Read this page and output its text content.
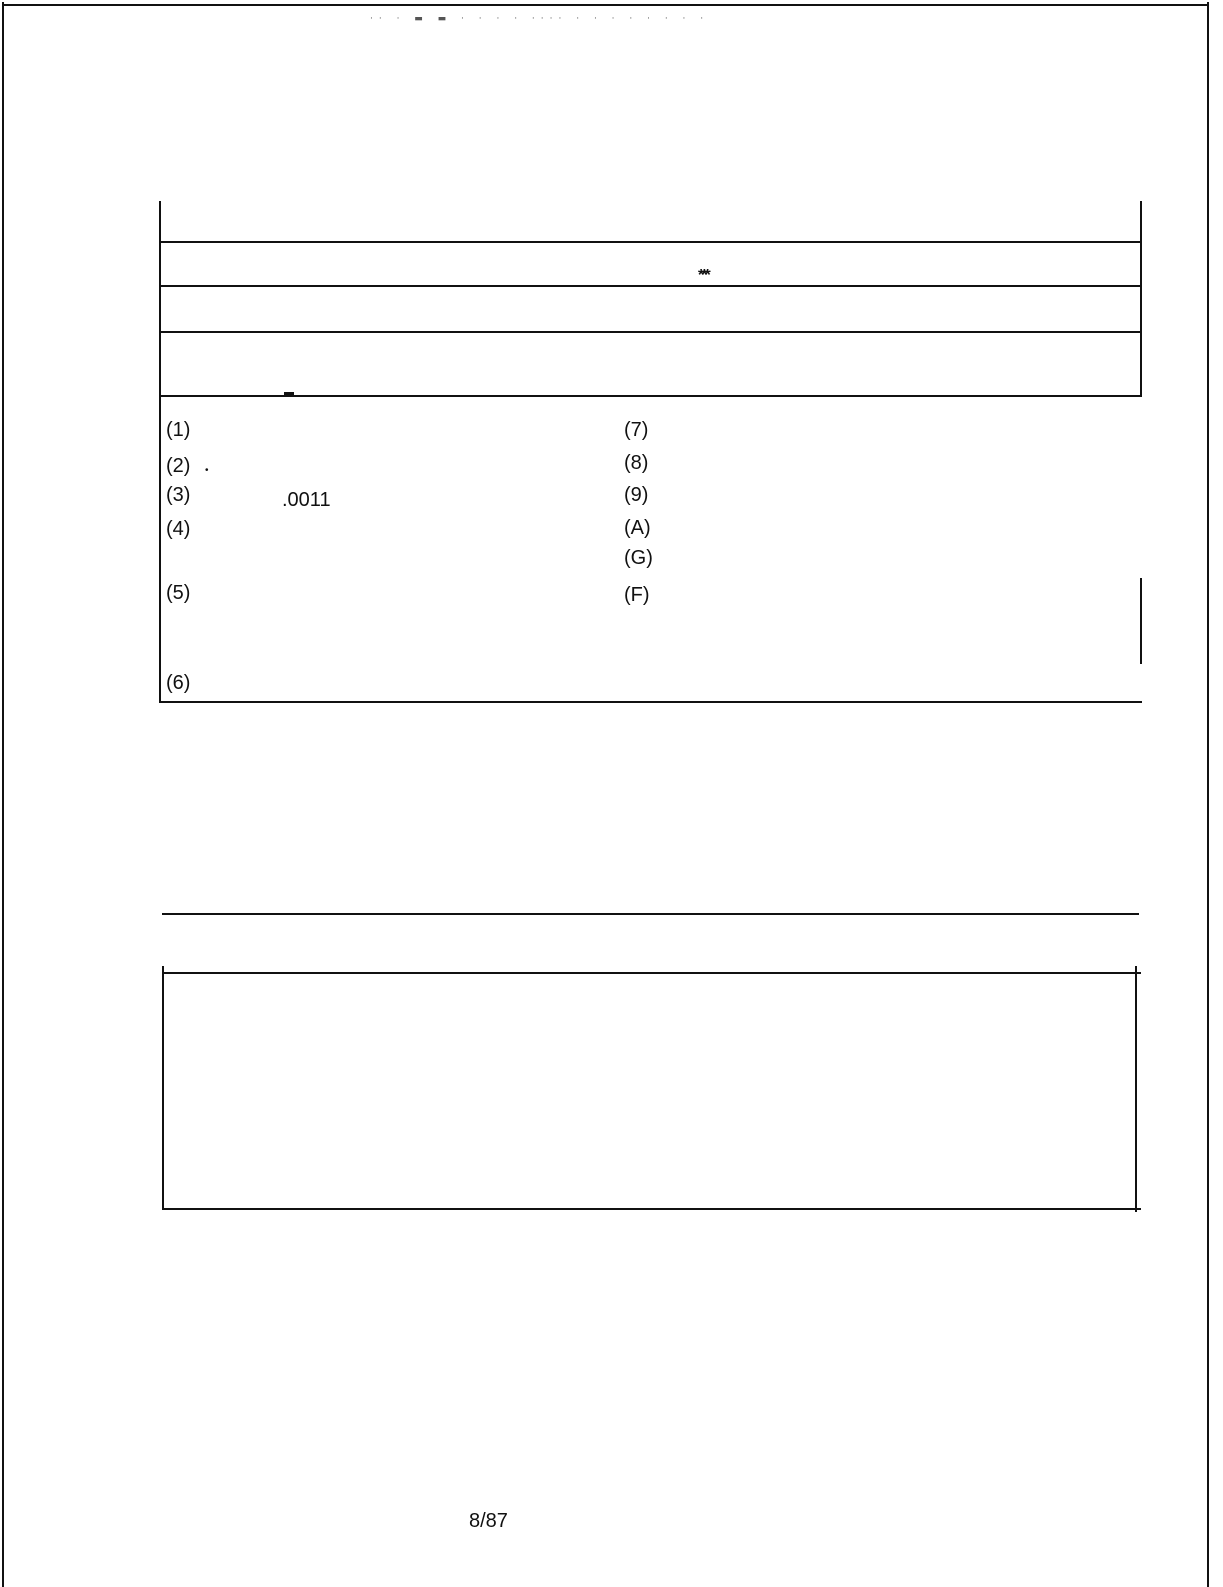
·· · ▬ ▬ · · · · ···· · · · · · · · ·
***
▬
(1)
(2) •
(3)	.0011
(4)
(5)
(6)
(7)
(8)
(9)
(A)
(G)
(F)
8/87
